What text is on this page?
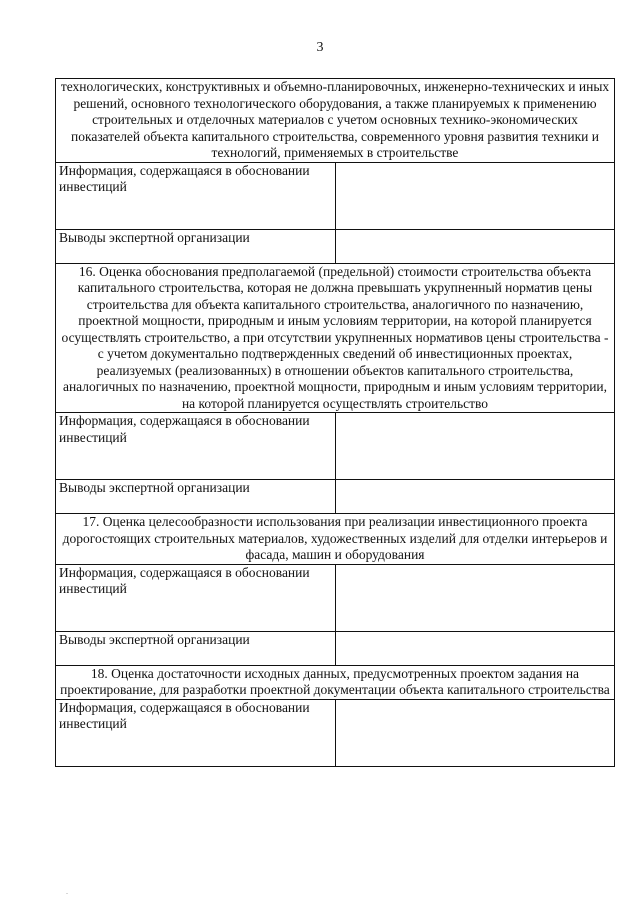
3
технологических, конструктивных и объемно-планировочных, инженерно-технических и иных решений, основного технологического оборудования, а также планируемых к применению строительных и отделочных материалов с учетом основных технико-экономических показателей объекта капитального строительства, современного уровня развития техники и технологий, применяемых в строительстве	
Информация, содержащаяся в обосновании инвестиций	
Выводы экспертной организации	
16. Оценка обоснования предполагаемой (предельной) стоимости строительства объекта капитального строительства, которая не должна превышать укрупненный норматив цены строительства для объекта капитального строительства, аналогичного по назначению, проектной мощности, природным и иным условиям территории, на которой планируется осуществлять строительство, а при отсутствии укрупненных нормативов цены строительства - с учетом документально подтвержденных сведений об инвестиционных проектах, реализуемых (реализованных) в отношении объектов капитального строительства, аналогичных по назначению, проектной мощности, природным и иным условиям территории, на которой планируется осуществлять строительство	
Информация, содержащаяся в обосновании инвестиций	
Выводы экспертной организации	
17. Оценка целесообразности использования при реализации инвестиционного проекта дорогостоящих строительных материалов, художественных изделий для отделки интерьеров и фасада, машин и оборудования	
Информация, содержащаяся в обосновании инвестиций	
Выводы экспертной организации	
18. Оценка достаточности исходных данных, предусмотренных проектом задания на проектирование, для разработки проектной документации объекта капитального строительства	
Информация, содержащаяся в обосновании инвестиций	
.
